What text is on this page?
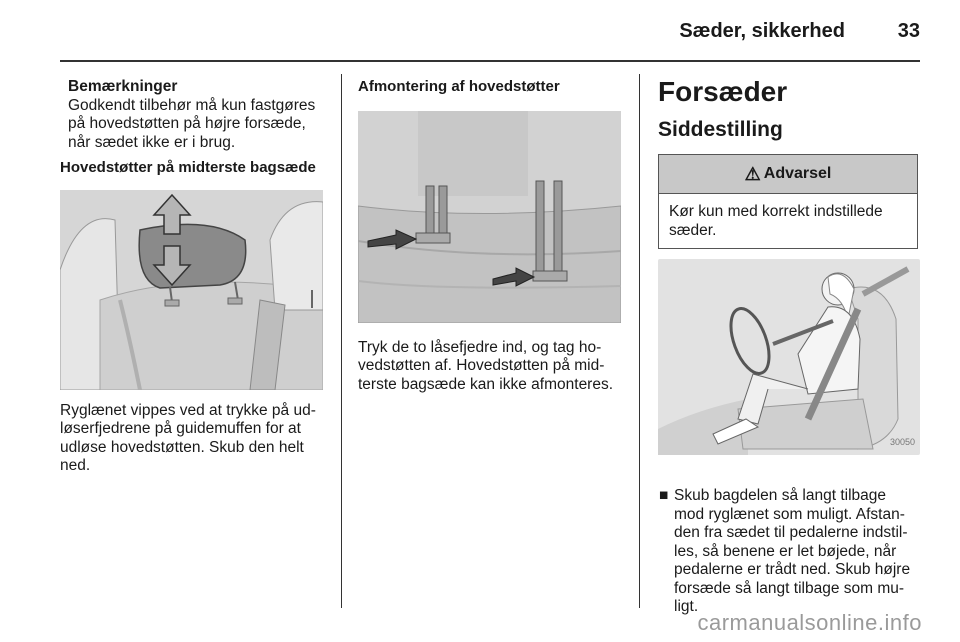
Sæder, sikkerhed	33

Bemærkninger

Godkendt tilbehør må kun fastgøres på hovedstøtten på højre forsæde, når sædet ikke er i brug.

Hovedstøtter på midterste bagsæde

Ryglænet vippes ved at trykke på ud-løserfjedrene på guidemuffen for at udløse hovedstøtten. Skub den helt ned.

Afmontering af hovedstøtter

Tryk de to låsefjedre ind, og tag ho-vedstøtten af. Hovedstøtten på mid-terste bagsæde kan ikke afmonteres.

Forsæder
Siddestilling
⚠ Advarsel
Kør kun med korrekt indstillede sæder.
30050
■ Skub bagdelen så langt tilbage mod ryglænet som muligt. Afstan-den fra sædet til pedalerne indstil-les, så benene er let bøjede, når pedalerne er trådt ned. Skub højre forsæde så langt tilbage som mu-ligt.
carmanualsonline.info
